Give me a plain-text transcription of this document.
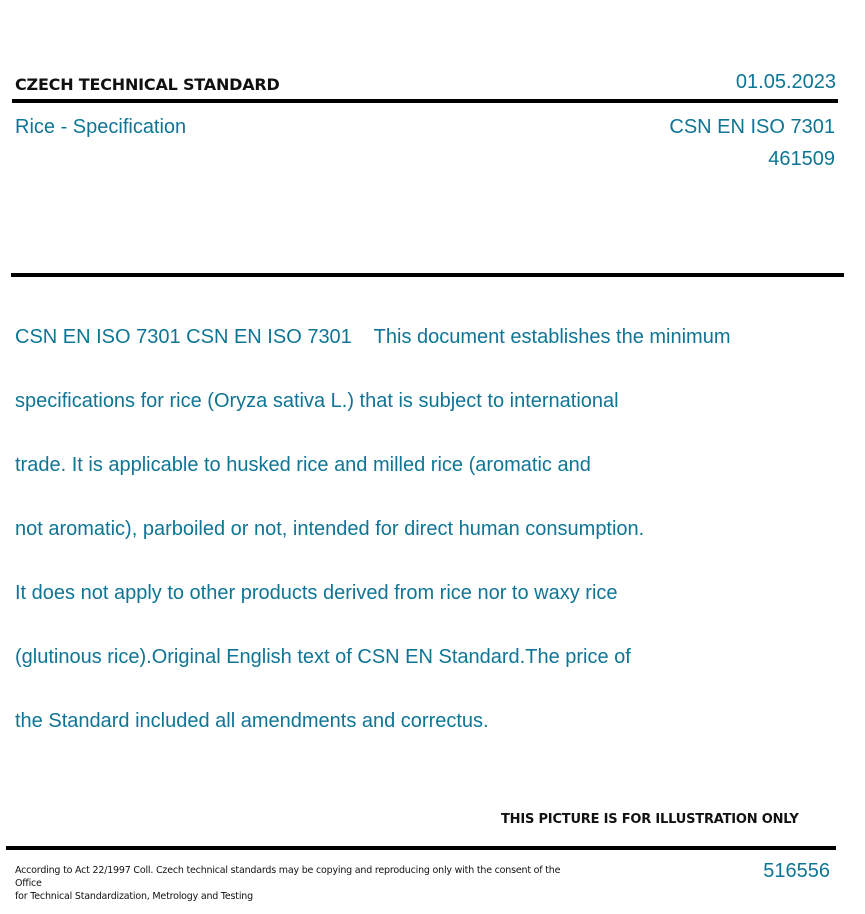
CZECH TECHNICAL STANDARD	01.05.2023
Rice - Specification	CSN EN ISO 7301
461509

CSN EN ISO 7301 CSN EN ISO 7301    This document establishes the minimum

specifications for rice (Oryza sativa L.) that is subject to international

trade. It is applicable to husked rice and milled rice (aromatic and

not aromatic), parboiled or not, intended for direct human consumption.

It does not apply to other products derived from rice nor to waxy rice

(glutinous rice).Original English text of CSN EN Standard.The price of

the Standard included all amendments and correctus.

THIS PICTURE IS FOR ILLUSTRATION ONLY
According to Act 22/1997 Coll. Czech technical standards may be copying and reproducing only with the consent of the Office
for Technical Standardization, Metrology and Testing
516556
